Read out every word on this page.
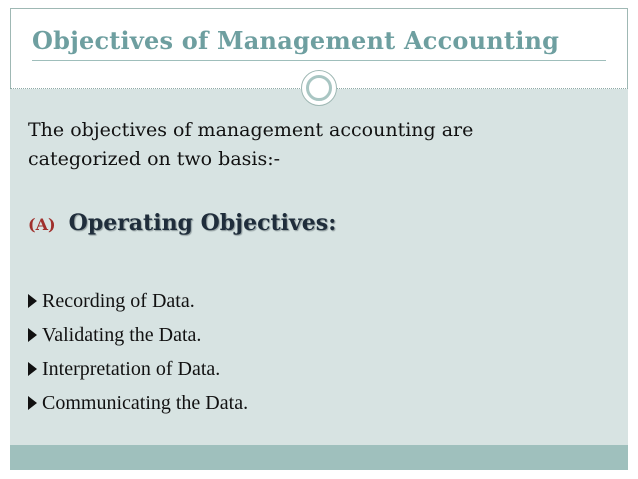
Objectives of Management Accounting

The objectives of management accounting are categorized on two basis:-

(A) Operating Objectives:
Recording of Data.
Validating the Data.
Interpretation of Data.
Communicating the Data.
